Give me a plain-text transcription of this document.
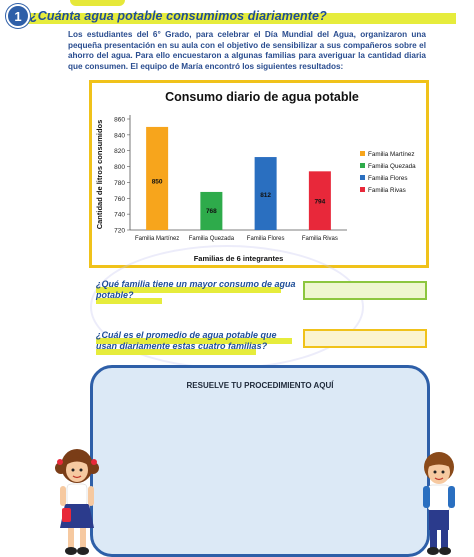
¿Cuánta agua potable consumimos diariamente?
1
Los estudiantes del 6° Grado, para celebrar el Día Mundial del Agua, organizaron una pequeña presentación en su aula con el objetivo de sensibilizar a sus compañeros sobre el ahorro del agua. Para ello encuestaron a algunas familias para averiguar la cantidad diaria que consumen. El equipo de María encontró los siguientes resultados:
Consumo diario de agua potable
Cantidad de litros consumidos
720
740
760
780
800
820
840
860
850
Familia Martínez
768
Familia Quezada
812
Familia Flores
794
Familia Rivas
Familias de 6 integrantes
Familia Martínez
Familia Quezada
Familia Flores
Familia Rivas
¿Qué familia tiene un mayor consumo de agua potable?
¿Cuál es el promedio de agua potable que usan diariamente estas cuatro familias?
RESUELVE TU PROCEDIMIENTO AQUÍ
